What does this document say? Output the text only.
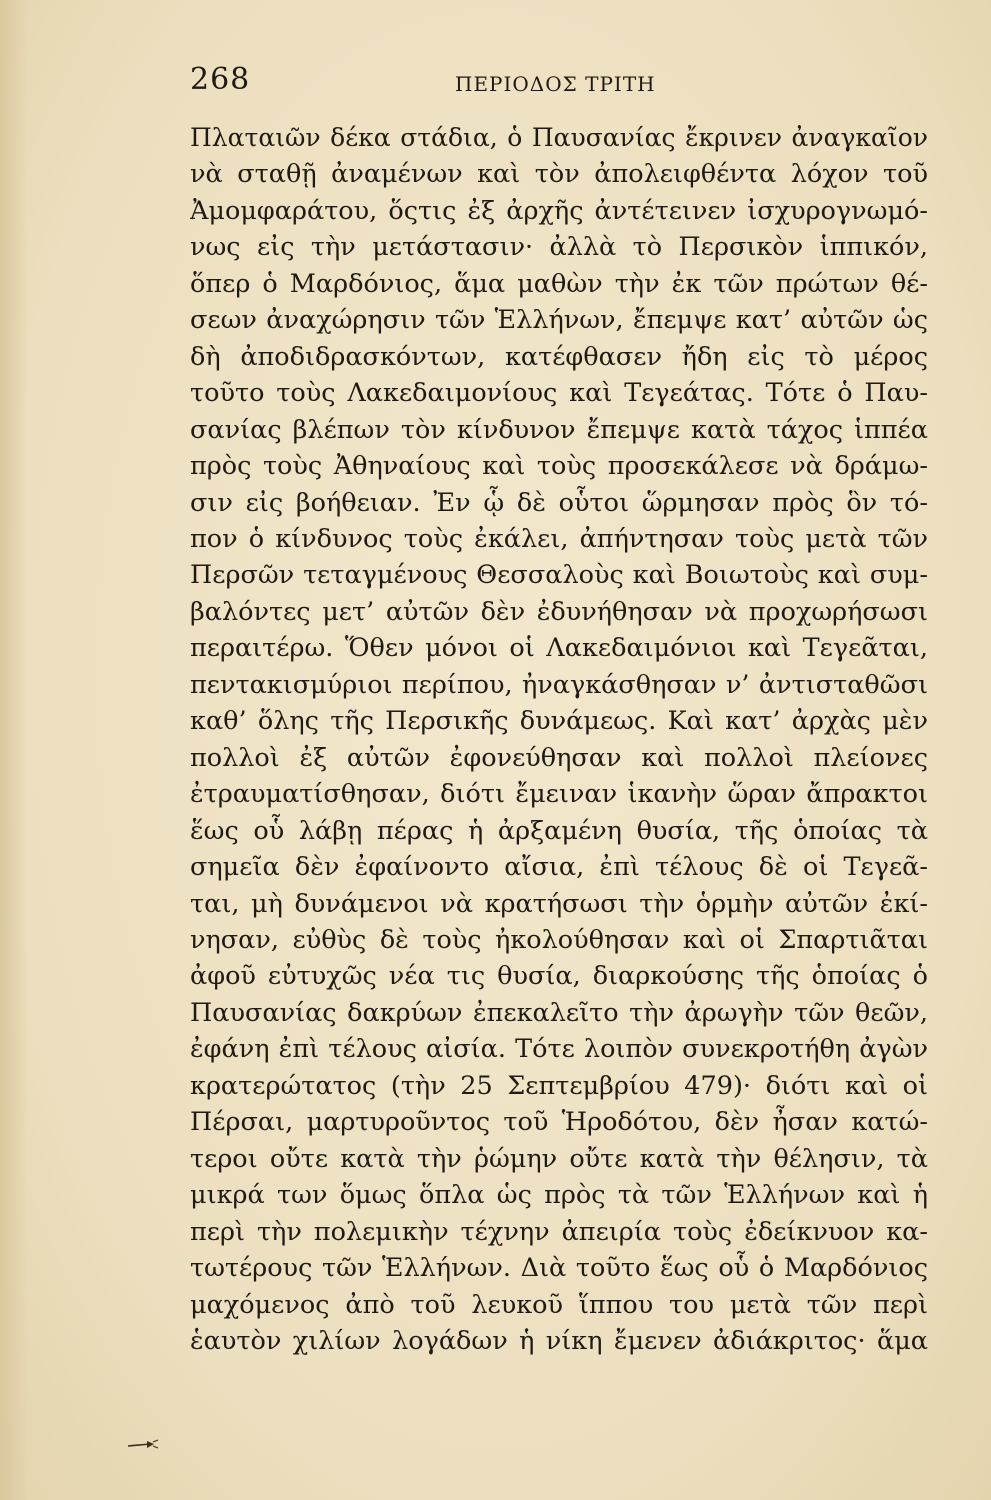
268	ΠΕΡΙΟΔΟΣ ΤΡΙΤΗ
Πλαταιῶν δέκα στάδια, ὁ Παυσανίας ἔκρινεν ἀναγκαῖον
νὰ σταθῇ ἀναμένων καὶ τὸν ἀπολειφθέντα λόχον τοῦ
Ἀμομφαράτου, ὅςτις ἐξ ἀρχῆς ἀντέτεινεν ἰσχυρογνωμό-
νως εἰς τὴν μετάστασιν· ἀλλὰ τὸ Περσικὸν ἱππικόν,
ὅπερ ὁ Μαρδόνιος, ἅμα μαθὼν τὴν ἐκ τῶν πρώτων θέ-
σεων ἀναχώρησιν τῶν Ἑλλήνων, ἔπεμψε κατ’ αὐτῶν ὡς
δὴ ἀποδιδρασκόντων, κατέφθασεν ἤδη εἰς τὸ μέρος
τοῦτο τοὺς Λακεδαιμονίους καὶ Τεγεάτας. Τότε ὁ Παυ-
σανίας βλέπων τὸν κίνδυνον ἔπεμψε κατὰ τάχος ἱππέα
πρὸς τοὺς Ἀθηναίους καὶ τοὺς προσεκάλεσε νὰ δράμω-
σιν εἰς βοήθειαν. Ἐν ᾧ δὲ οὗτοι ὥρμησαν πρὸς ὃν τό-
πον ὁ κίνδυνος τοὺς ἐκάλει, ἀπήντησαν τοὺς μετὰ τῶν
Περσῶν τεταγμένους Θεσσαλοὺς καὶ Βοιωτοὺς καὶ συμ-
βαλόντες μετ’ αὐτῶν δὲν ἐδυνήθησαν νὰ προχωρήσωσι
περαιτέρω. Ὅθεν μόνοι οἱ Λακεδαιμόνιοι καὶ Τεγεᾶται,
πεντακισμύριοι περίπου, ἠναγκάσθησαν ν’ ἀντισταθῶσι
καθ’ ὅλης τῆς Περσικῆς δυνάμεως. Καὶ κατ’ ἀρχὰς μὲν
πολλοὶ ἐξ αὐτῶν ἐφονεύθησαν καὶ πολλοὶ πλείονες
ἐτραυματίσθησαν, διότι ἔμειναν ἱκανὴν ὥραν ἄπρακτοι
ἕως οὗ λάβῃ πέρας ἡ ἀρξαμένη θυσία, τῆς ὁποίας τὰ
σημεῖα δὲν ἐφαίνοντο αἴσια, ἐπὶ τέλους δὲ οἱ Τεγεᾶ-
ται, μὴ δυνάμενοι νὰ κρατήσωσι τὴν ὁρμὴν αὐτῶν ἐκί-
νησαν, εὐθὺς δὲ τοὺς ἠκολούθησαν καὶ οἱ Σπαρτιᾶται
ἀφοῦ εὐτυχῶς νέα τις θυσία, διαρκούσης τῆς ὁποίας ὁ
Παυσανίας δακρύων ἐπεκαλεῖτο τὴν ἀρωγὴν τῶν θεῶν,
ἐφάνη ἐπὶ τέλους αἰσία. Τότε λοιπὸν συνεκροτήθη ἀγὼν
κρατερώτατος (τὴν 25 Σεπτεμβρίου 479)· διότι καὶ οἱ
Πέρσαι, μαρτυροῦντος τοῦ Ἡροδότου, δὲν ἦσαν κατώ-
τεροι οὔτε κατὰ τὴν ῥώμην οὔτε κατὰ τὴν θέλησιν, τὰ
μικρά των ὅμως ὅπλα ὡς πρὸς τὰ τῶν Ἑλλήνων καὶ ἡ
περὶ τὴν πολεμικὴν τέχνην ἀπειρία τοὺς ἐδείκνυον κα-
τωτέρους τῶν Ἑλλήνων. Διὰ τοῦτο ἕως οὗ ὁ Μαρδόνιος
μαχόμενος ἀπὸ τοῦ λευκοῦ ἵππου του μετὰ τῶν περὶ
ἑαυτὸν χιλίων λογάδων ἡ νίκη ἔμενεν ἀδιάκριτος· ἅμα
